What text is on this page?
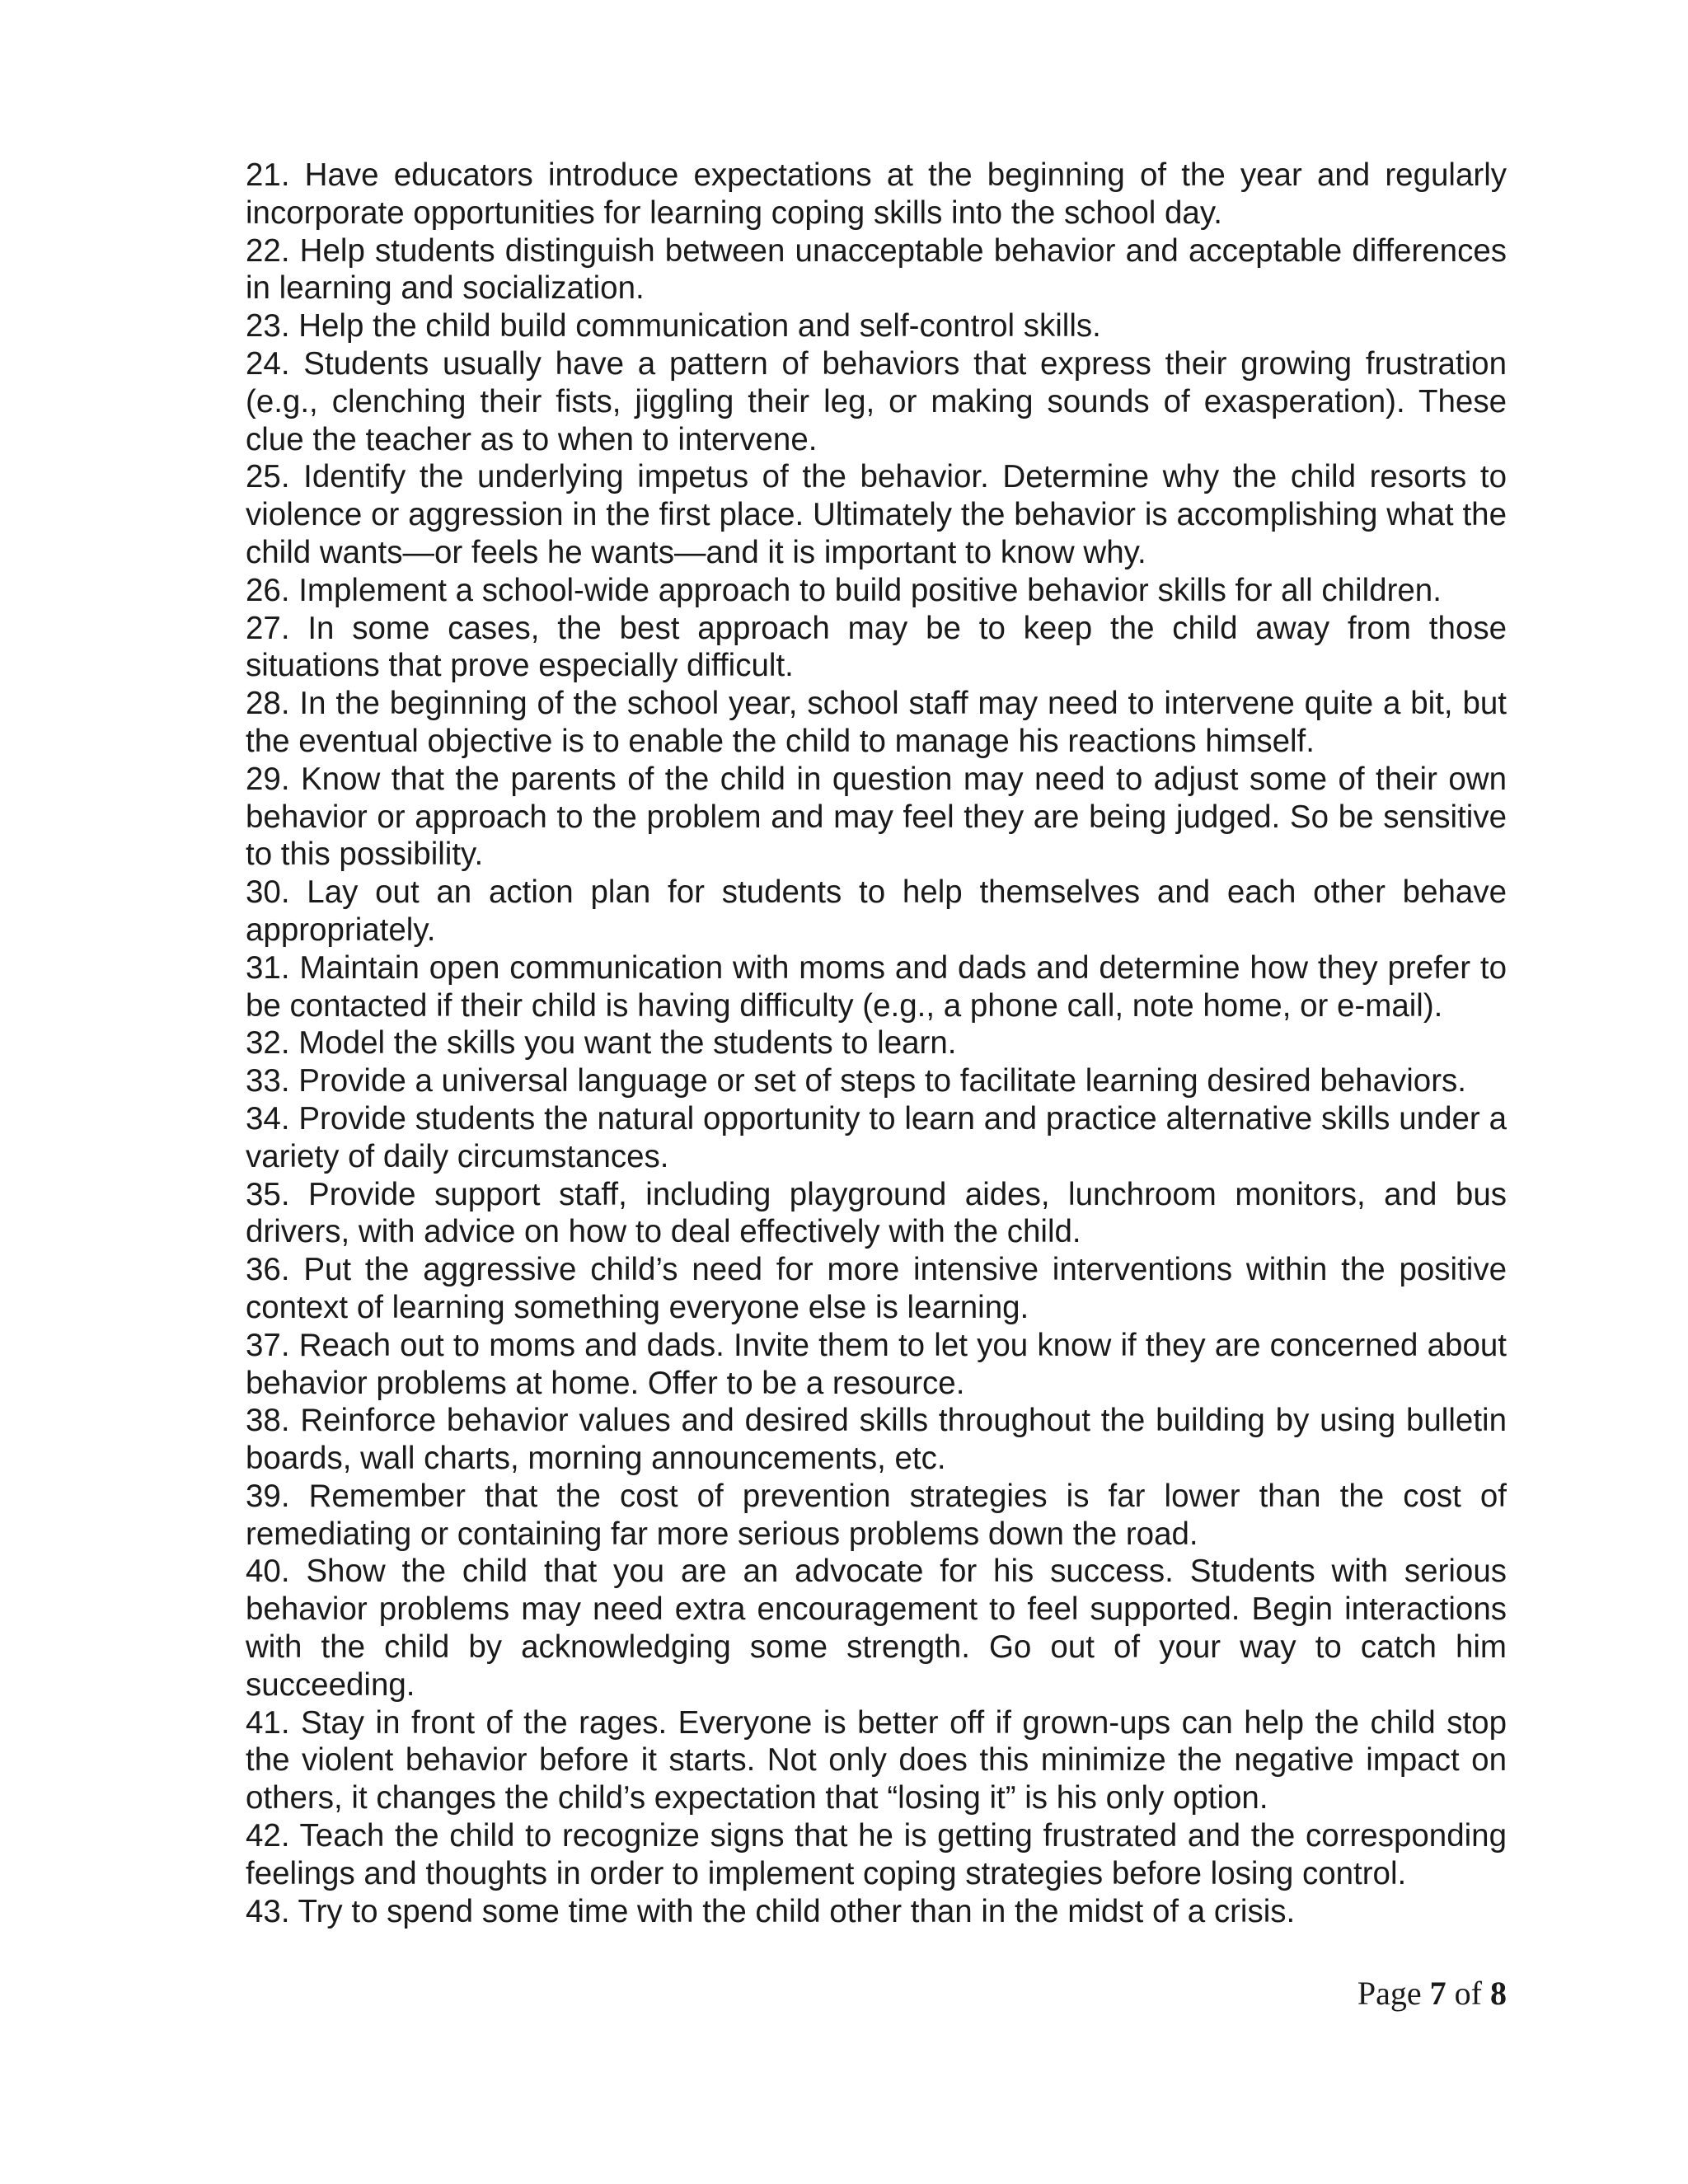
21. Have educators introduce expectations at the beginning of the year and regularly incorporate opportunities for learning coping skills into the school day.

22. Help students distinguish between unacceptable behavior and acceptable differences in learning and socialization.

23. Help the child build communication and self-control skills.

24. Students usually have a pattern of behaviors that express their growing frustration (e.g., clenching their fists, jiggling their leg, or making sounds of exasperation). These clue the teacher as to when to intervene.

25. Identify the underlying impetus of the behavior. Determine why the child resorts to violence or aggression in the first place. Ultimately the behavior is accomplishing what the child wants—or feels he wants—and it is important to know why.

26. Implement a school-wide approach to build positive behavior skills for all children.

27. In some cases, the best approach may be to keep the child away from those situations that prove especially difficult.

28. In the beginning of the school year, school staff may need to intervene quite a bit, but the eventual objective is to enable the child to manage his reactions himself.

29. Know that the parents of the child in question may need to adjust some of their own behavior or approach to the problem and may feel they are being judged. So be sensitive to this possibility.

30. Lay out an action plan for students to help themselves and each other behave appropriately.

31. Maintain open communication with moms and dads and determine how they prefer to be contacted if their child is having difficulty (e.g., a phone call, note home, or e-mail).

32. Model the skills you want the students to learn.

33. Provide a universal language or set of steps to facilitate learning desired behaviors.

34. Provide students the natural opportunity to learn and practice alternative skills under a variety of daily circumstances.

35. Provide support staff, including playground aides, lunchroom monitors, and bus drivers, with advice on how to deal effectively with the child.

36. Put the aggressive child’s need for more intensive interventions within the positive context of learning something everyone else is learning.

37. Reach out to moms and dads. Invite them to let you know if they are concerned about behavior problems at home. Offer to be a resource.

38. Reinforce behavior values and desired skills throughout the building by using bulletin boards, wall charts, morning announcements, etc.

39. Remember that the cost of prevention strategies is far lower than the cost of remediating or containing far more serious problems down the road.

40. Show the child that you are an advocate for his success. Students with serious behavior problems may need extra encouragement to feel supported. Begin interactions with the child by acknowledging some strength. Go out of your way to catch him succeeding.

41. Stay in front of the rages. Everyone is better off if grown-ups can help the child stop the violent behavior before it starts. Not only does this minimize the negative impact on others, it changes the child’s expectation that “losing it” is his only option.

42. Teach the child to recognize signs that he is getting frustrated and the corresponding feelings and thoughts in order to implement coping strategies before losing control.

43. Try to spend some time with the child other than in the midst of a crisis.

Page 7 of 8
